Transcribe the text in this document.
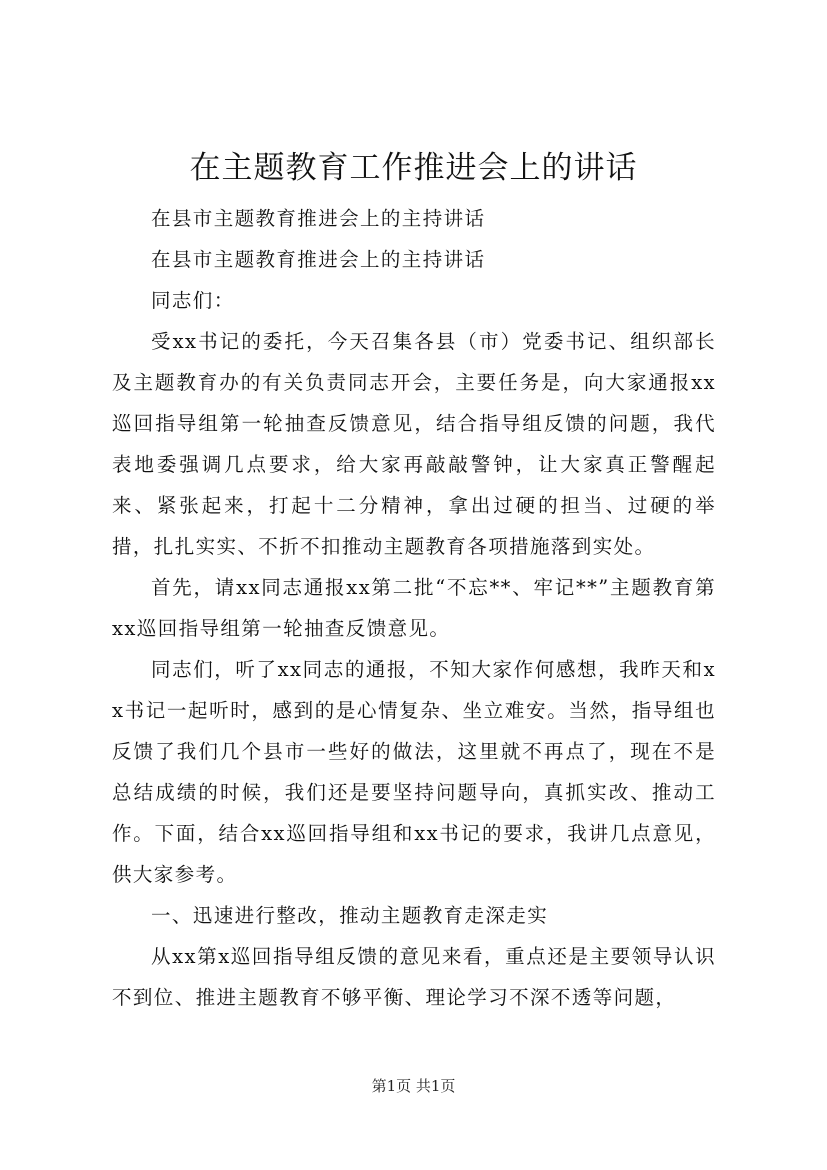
在主题教育工作推进会上的讲话

在县市主题教育推进会上的主持讲话

在县市主题教育推进会上的主持讲话

同志们：

受xx书记的委托，今天召集各县（市）党委书记、组织部长及主题教育办的有关负责同志开会，主要任务是，向大家通报xx巡回指导组第一轮抽查反馈意见，结合指导组反馈的问题，我代表地委强调几点要求，给大家再敲敲警钟，让大家真正警醒起来、紧张起来，打起十二分精神，拿出过硬的担当、过硬的举措，扎扎实实、不折不扣推动主题教育各项措施落到实处。

首先，请xx同志通报xx第二批“不忘**、牢记**”主题教育第xx巡回指导组第一轮抽查反馈意见。

同志们，听了xx同志的通报，不知大家作何感想，我昨天和xx书记一起听时，感到的是心情复杂、坐立难安。当然，指导组也反馈了我们几个县市一些好的做法，这里就不再点了，现在不是总结成绩的时候，我们还是要坚持问题导向，真抓实改、推动工作。下面，结合xx巡回指导组和xx书记的要求，我讲几点意见，供大家参考。

一、迅速进行整改，推动主题教育走深走实

从xx第x巡回指导组反馈的意见来看，重点还是主要领导认识不到位、推进主题教育不够平衡、理论学习不深不透等问题，

第1页 共1页
